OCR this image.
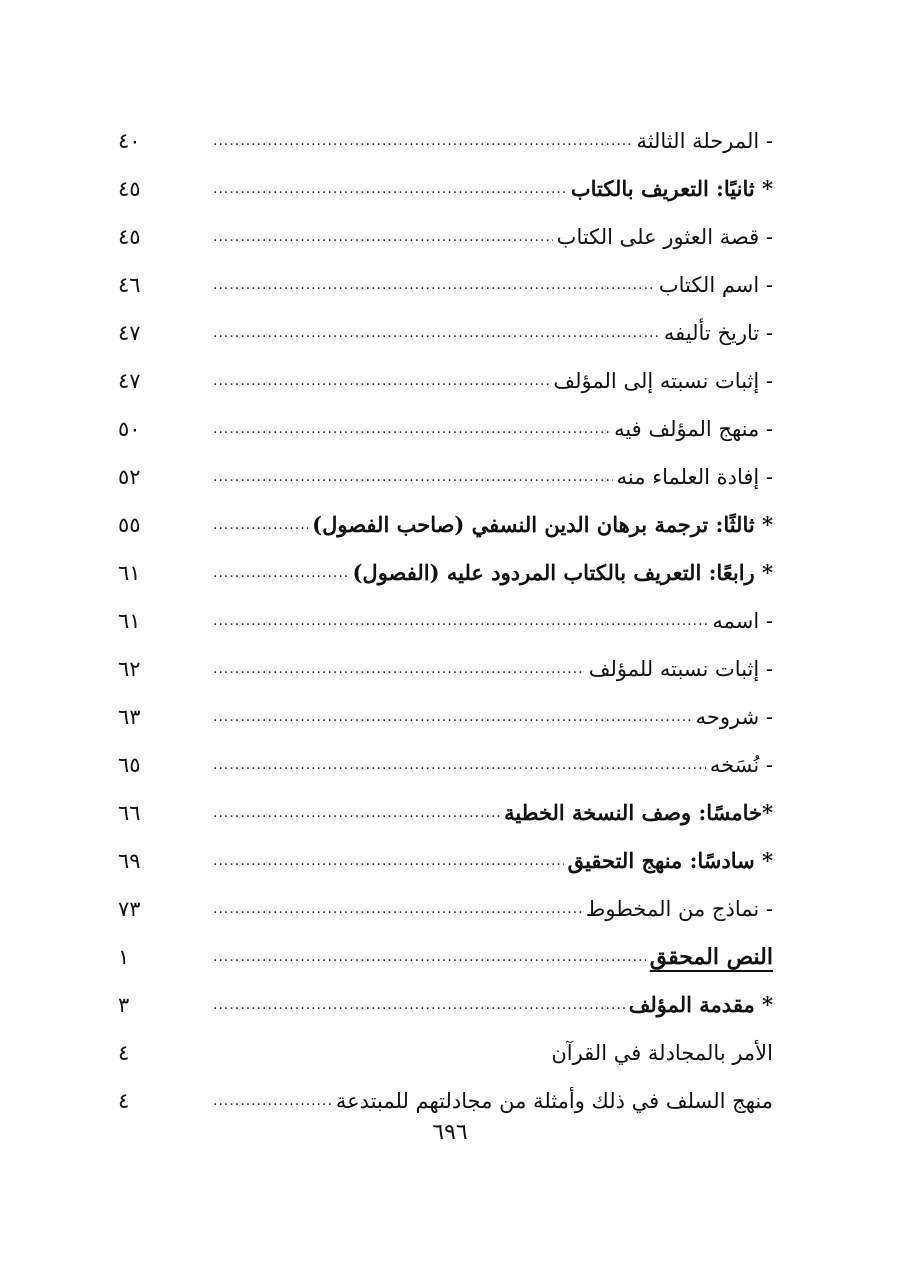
- المرحلة الثالثة
.....
٤٠
* ثانيًا: التعريف بالكتاب
.....
٤٥
- قصة العثور على الكتاب
.....
٤٥
- اسم الكتاب
.....
٤٦
- تاريخ تأليفه
.....
٤٧
- إثبات نسبته إلى المؤلف
.....
٤٧
- منهج المؤلف فيه
.....
٥٠
- إفادة العلماء منه
.....
٥٢
* ثالثًا: ترجمة برهان الدين النسفي (صاحب الفصول)
.....
٥٥
* رابعًا: التعريف بالكتاب المردود عليه (الفصول)
.....
٦١
- اسمه
.....
٦١
- إثبات نسبته للمؤلف
.....
٦٢
- شروحه
.....
٦٣
- نُسَخه
.....
٦٥
*خامسًا: وصف النسخة الخطية
.....
٦٦
* سادسًا: منهج التحقيق
.....
٦٩
- نماذج من المخطوط
.....
٧٣
النص المحقق
.....
١
* مقدمة المؤلف
.....
٣
الأمر بالمجادلة في القرآن
٤
منهج السلف في ذلك وأمثلة من مجادلتهم للمبتدعة
.....
٤
٦٩٦
